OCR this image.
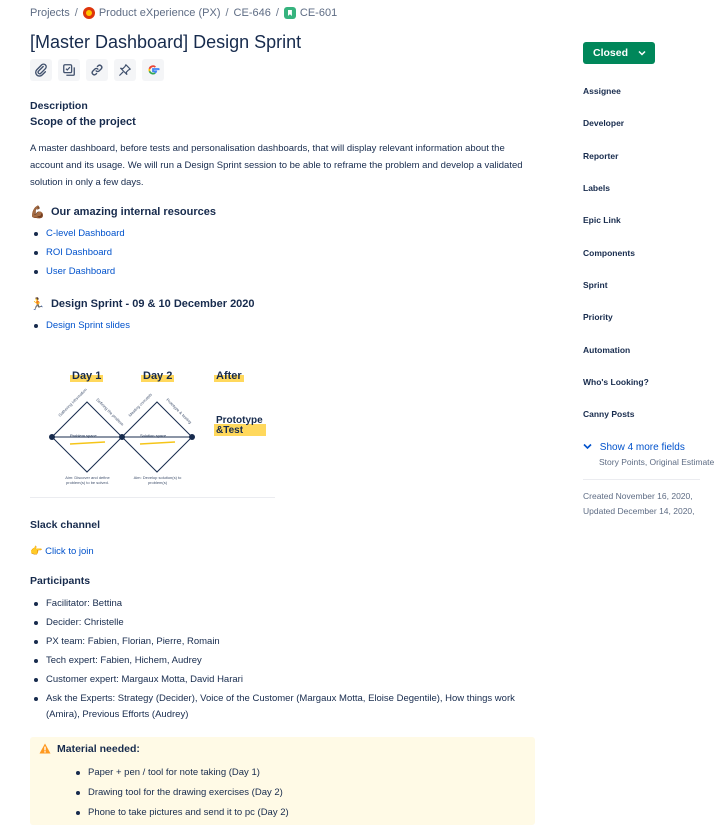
Projects / Product eXperience (PX) / CE-646 / CE-601
[Master Dashboard] Design Sprint
Description
Scope of the project

A master dashboard, before tests and personalisation dashboards, that will display relevant information about the account and its usage. We will run a Design Sprint session to be able to reframe the problem and develop a validated solution in only a few days.

💪🏾 Our amazing internal resources
C-level Dashboard
ROI Dashboard
User Dashboard
🏃 Design Sprint - 09 & 10 December 2020
Design Sprint slides
Day 1	Day 2	After
Prototype &Test
Gathering information Defining the problem Ideating concepts	Prototype & testing
Problem space	Solution space
Aim: Discover and define problem(s) to be solved.
Aim: Develop solution(s) to problem(s)
Slack channel
👉 Click to join
Participants
Facilitator: Bettina
Decider: Christelle
PX team: Fabien, Florian, Pierre, Romain
Tech expert: Fabien, Hichem, Audrey
Customer expert: Margaux Motta, David Harari
Ask the Experts: Strategy (Decider), Voice of the Customer (Margaux Motta, Eloise Degentile), How things work (Amira), Previous Efforts (Audrey)
Material needed:
Paper + pen / tool for note taking (Day 1)
Drawing tool for the drawing exercises (Day 2)
Phone to take pictures and send it to pc (Day 2)
Closed
Assignee
Developer
Reporter
Labels
Epic Link
Components
Sprint
Priority
Automation
Who's Looking?
Canny Posts
Show 4 more fields
Story Points, Original Estimate
Created November 16, 2020,
Updated December 14, 2020,
